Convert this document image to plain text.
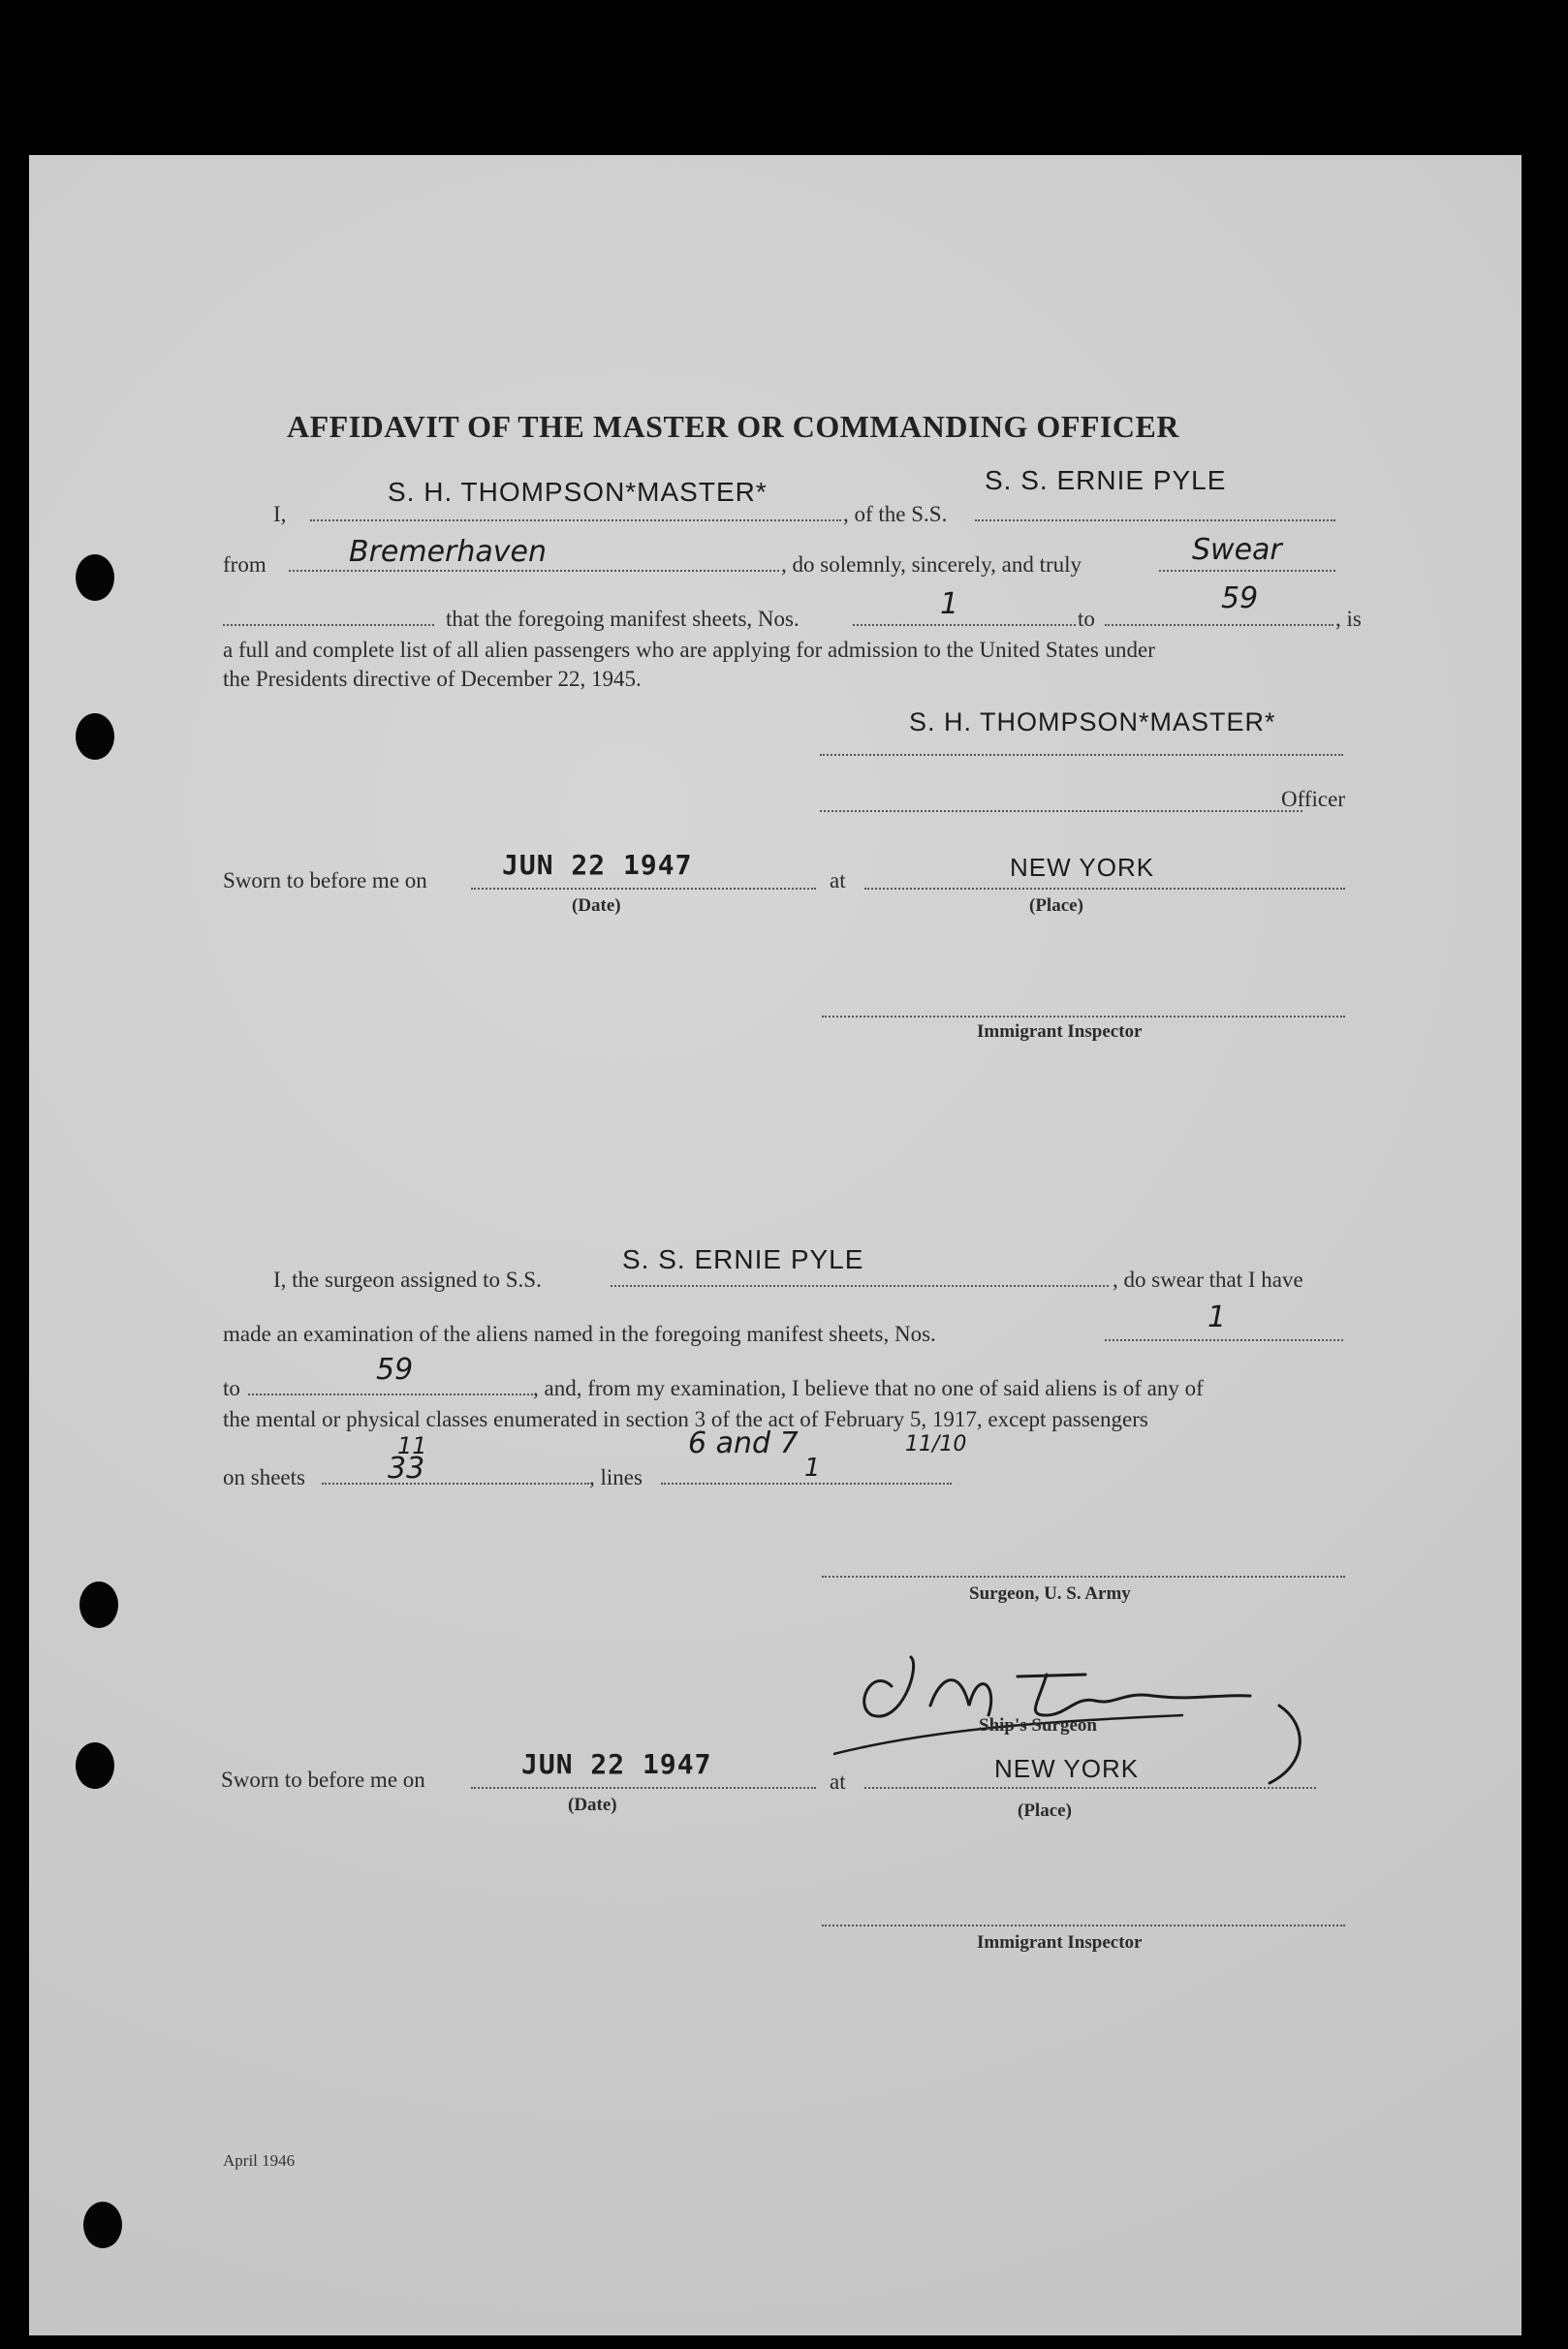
AFFIDAVIT OF THE MASTER OR COMMANDING OFFICER
I,
S. H. THOMPSON*MASTER*
, of the S.S.
S. S. ERNIE PYLE
from	Bremerhaven	, do solemnly, sincerely, and truly	Swear
that the foregoing manifest sheets, Nos.	1	to
59
, is
a full and complete list of all alien passengers who are applying for admission to the United States under
the Presidents directive of December 22, 1945.
S. H. THOMPSON*MASTER*
Officer
Sworn to before me on	JUN 22 1947
(Date)
at	NEW YORK
(Place)
Immigrant Inspector
I, the surgeon assigned to S.S.
S. S. ERNIE PYLE
, do swear that I have
made an examination of the aliens named in the foregoing manifest sheets, Nos.	1
to
59
, and, from my examination, I believe that no one of said aliens is of any of
the mental or physical classes enumerated in section 3 of the act of February 5, 1917, except passengers
on sheets
11
33	, lines
6 and 7
1
11/10
Surgeon, U. S. Army
Ship's Surgeon
Sworn to before me on	JUN 22 1947
(Date)
at	NEW YORK
(Place)
Immigrant Inspector
April 1946
